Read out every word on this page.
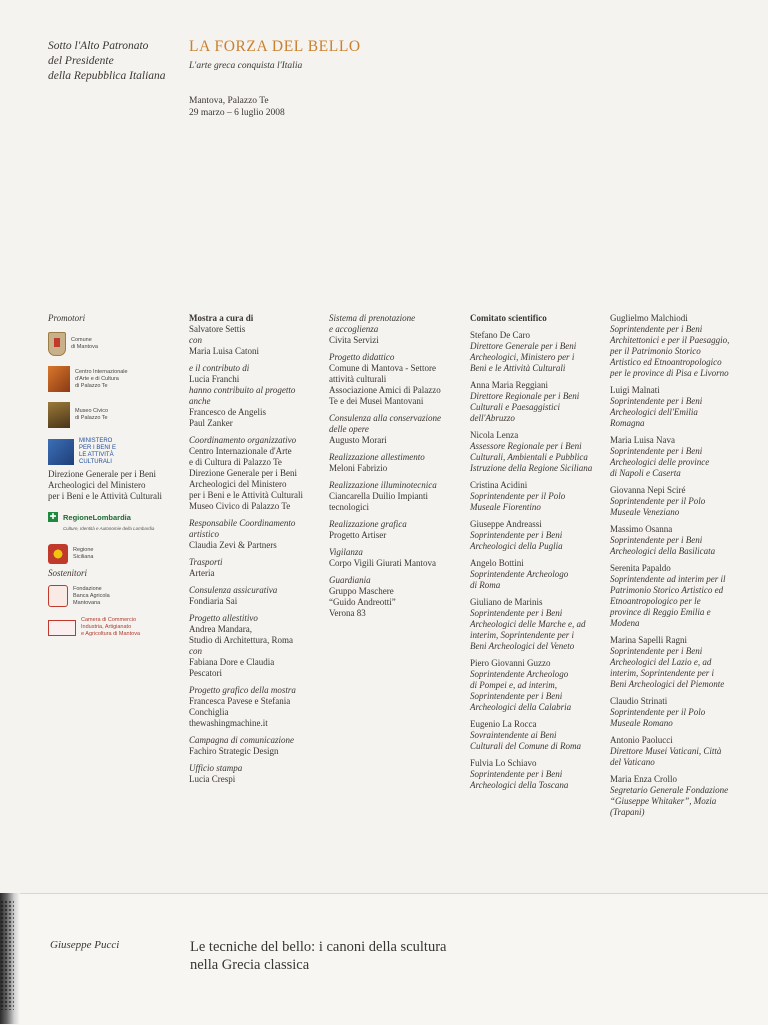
Sotto l'Alto Patronato
del Presidente
della Repubblica Italiana
LA FORZA DEL BELLO
L'arte greca conquista l'Italia
Mantova, Palazzo Te
29 marzo – 6 luglio 2008
Promotori
Comune
di Mantova
Centro Internazionale
d'Arte e di Cultura
di Palazzo Te
Museo Civico
di Palazzo Te
MINISTERO
PER I BENI E
LE ATTIVITÀ
CULTURALI
Direzione Generale per i Beni
Archeologici del Ministero
per i Beni e le Attività Culturali
✚ RegioneLombardia
Culture, Identità e Autonomie della Lombardia
Regione
Siciliana
Sostenitori
Fondazione
Banca Agricola
Mantovana
Camera di Commercio
Industria, Artigianato
e Agricoltura di Mantova
Mostra a cura di
Salvatore Settis
con
Maria Luisa Catoni
e il contributo di
Lucia Franchi
hanno contribuito al progetto
anche
Francesco de Angelis
Paul Zanker
Coordinamento organizzativo
Centro Internazionale d'Arte
e di Cultura di Palazzo Te
Direzione Generale per i Beni
Archeologici del Ministero
per i Beni e le Attività Culturali
Museo Civico di Palazzo Te
Responsabile Coordinamento
artistico
Claudia Zevi & Partners
Trasporti
Arteria
Consulenza assicurativa
Fondiaria Sai
Progetto allestitivo
Andrea Mandara,
Studio di Architettura, Roma
con
Fabiana Dore e Claudia
Pescatori
Progetto grafico della mostra
Francesca Pavese e Stefania
Conchiglia
thewashingmachine.it
Campagna di comunicazione
Fachiro Strategic Design
Ufficio stampa
Lucia Crespi
Sistema di prenotazione
e accoglienza
Civita Servizi
Progetto didattico
Comune di Mantova - Settore
attività culturali
Associazione Amici di Palazzo
Te e dei Musei Mantovani
Consulenza alla conservazione
delle opere
Augusto Morari
Realizzazione allestimento
Meloni Fabrizio
Realizzazione illuminotecnica
Ciancarella Duilio Impianti
tecnologici
Realizzazione grafica
Progetto Artiser
Vigilanza
Corpo Vigili Giurati Mantova
Guardiania
Gruppo Maschere
“Guido Andreotti”
Verona 83
Comitato scientifico
Stefano De Caro
Direttore Generale per i Beni
Archeologici, Ministero per i
Beni e le Attività Culturali
Anna Maria Reggiani
Direttore Regionale per i Beni
Culturali e Paesaggistici
dell'Abruzzo
Nicola Lenza
Assessore Regionale per i Beni
Culturali, Ambientali e Pubblica
Istruzione della Regione Siciliana
Cristina Acidini
Soprintendente per il Polo
Museale Fiorentino
Giuseppe Andreassi
Soprintendente per i Beni
Archeologici della Puglia
Angelo Bottini
Soprintendente Archeologo
di Roma
Giuliano de Marinis
Soprintendente per i Beni
Archeologici delle Marche e, ad
interim, Soprintendente per i
Beni Archeologici del Veneto
Piero Giovanni Guzzo
Soprintendente Archeologo
di Pompei e, ad interim,
Soprintendente per i Beni
Archeologici della Calabria
Eugenio La Rocca
Sovraintendente ai Beni
Culturali del Comune di Roma
Fulvia Lo Schiavo
Soprintendente per i Beni
Archeologici della Toscana
Guglielmo Malchiodi
Soprintendente per i Beni
Architettonici e per il Paesaggio,
per il Patrimonio Storico
Artistico ed Etnoantropologico
per le province di Pisa e Livorno
Luigi Malnati
Soprintendente per i Beni
Archeologici dell'Emilia
Romagna
Maria Luisa Nava
Soprintendente per i Beni
Archeologici delle province
di Napoli e Caserta
Giovanna Nepi Sciré
Soprintendente per il Polo
Museale Veneziano
Massimo Osanna
Soprintendente per i Beni
Archeologici della Basilicata
Serenita Papaldo
Soprintendente ad interim per il
Patrimonio Storico Artistico ed
Etnoantropologico per le
province di Reggio Emilia e
Modena
Marina Sapelli Ragni
Soprintendente per i Beni
Archeologici del Lazio e, ad
interim, Soprintendente per i
Beni Archeologici del Piemonte
Claudio Strinati
Soprintendente per il Polo
Museale Romano
Antonio Paolucci
Direttore Musei Vaticani, Città
del Vaticano
Maria Enza Crollo
Segretario Generale Fondazione
“Giuseppe Whitaker”, Mozia
(Trapani)
Giuseppe Pucci	Le tecniche del bello: i canoni della scultura
nella Grecia classica
